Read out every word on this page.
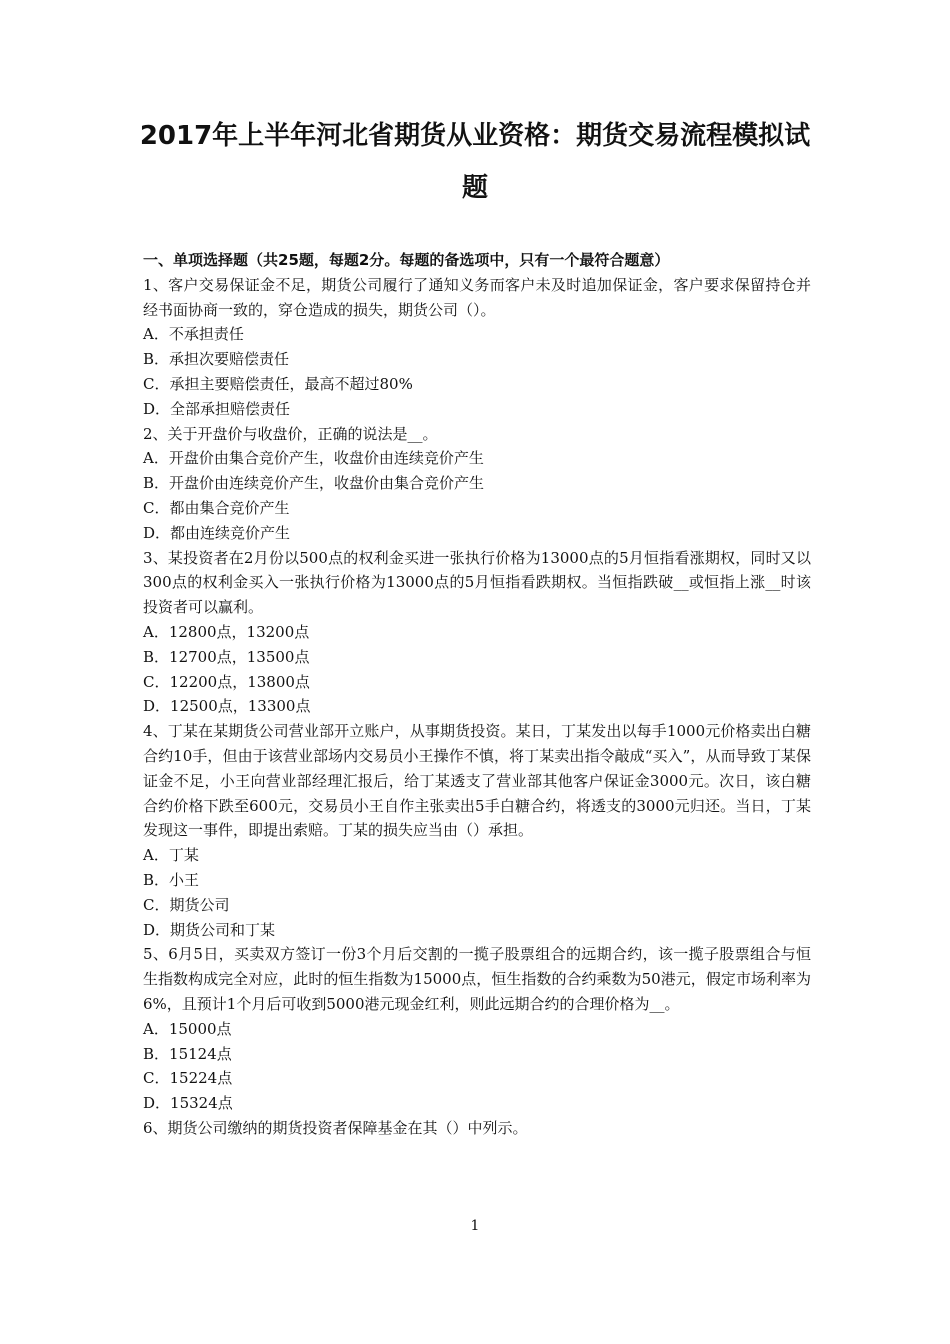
2017年上半年河北省期货从业资格：期货交易流程模拟试
题

一、单项选择题（共25题，每题2分。每题的备选项中，只有一个最符合题意）

1、客户交易保证金不足，期货公司履行了通知义务而客户未及时追加保证金，客户要求保留持仓并经书面协商一致的，穿仓造成的损失，期货公司（）。

A．不承担责任

B．承担次要赔偿责任

C．承担主要赔偿责任，最高不超过80%

D．全部承担赔偿责任

2、关于开盘价与收盘价，正确的说法是__。

A．开盘价由集合竞价产生，收盘价由连续竞价产生

B．开盘价由连续竞价产生，收盘价由集合竞价产生

C．都由集合竞价产生

D．都由连续竞价产生

3、某投资者在2月份以500点的权利金买进一张执行价格为13000点的5月恒指看涨期权，同时又以300点的权利金买入一张执行价格为13000点的5月恒指看跌期权。当恒指跌破__或恒指上涨__时该投资者可以赢利。

A．12800点，13200点

B．12700点，13500点

C．12200点，13800点

D．12500点，13300点

4、丁某在某期货公司营业部开立账户，从事期货投资。某日，丁某发出以每手1000元价格卖出白糖合约10手，但由于该营业部场内交易员小王操作不慎，将丁某卖出指令敲成“买入”，从而导致丁某保证金不足，小王向营业部经理汇报后，给丁某透支了营业部其他客户保证金3000元。次日，该白糖合约价格下跌至600元，交易员小王自作主张卖出5手白糖合约，将透支的3000元归还。当日，丁某发现这一事件，即提出索赔。丁某的损失应当由（）承担。

A．丁某

B．小王

C．期货公司

D．期货公司和丁某

5、6月5日，买卖双方签订一份3个月后交割的一揽子股票组合的远期合约，该一揽子股票组合与恒生指数构成完全对应，此时的恒生指数为15000点，恒生指数的合约乘数为50港元，假定市场利率为6%，且预计1个月后可收到5000港元现金红利，则此远期合约的合理价格为__。

A．15000点

B．15124点

C．15224点

D．15324点

6、期货公司缴纳的期货投资者保障基金在其（）中列示。

1
